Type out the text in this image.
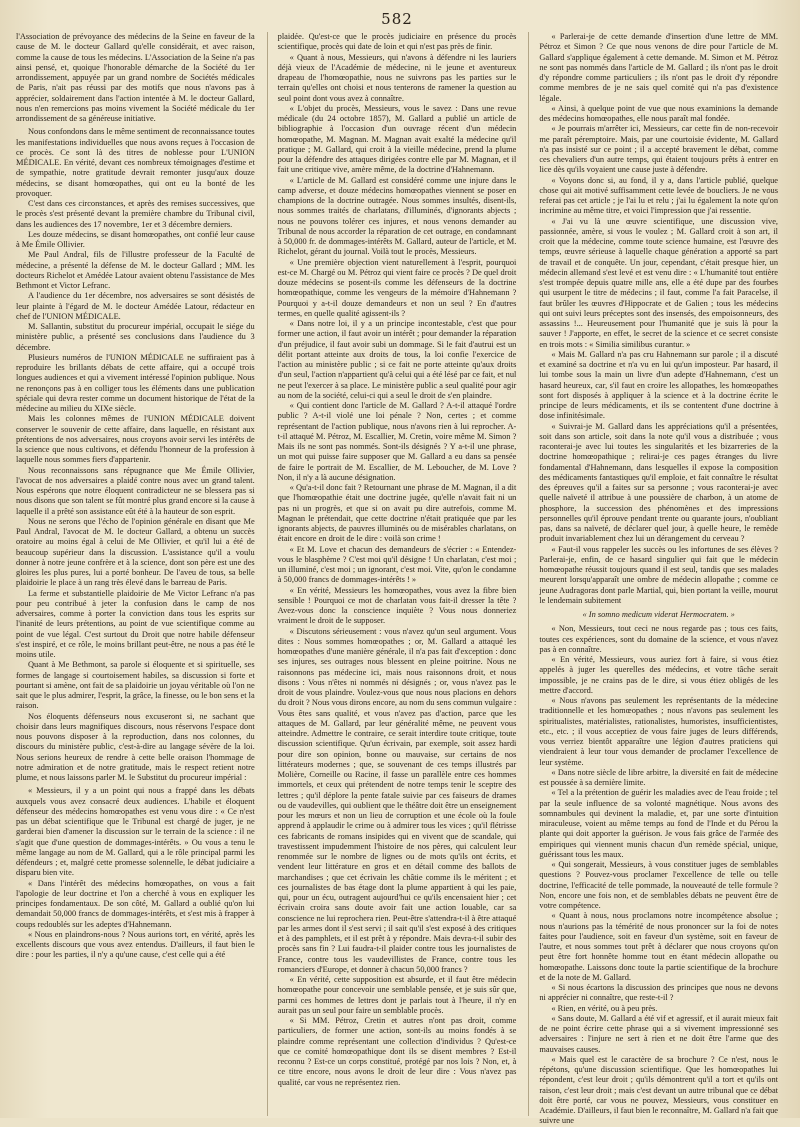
582

l'Association de prévoyance des médecins de la Seine en faveur de la cause de M. le docteur Gallard qu'elle considérait, et avec raison, comme la cause de tous les médecins. L'Association de la Seine n'a pas ainsi pensé, et, quoique l'honorable démarche de la Société du 1er arrondissement, appuyée par un grand nombre de Sociétés médicales de Paris, n'ait pas réussi par des motifs que nous n'avons pas à apprécier, soldairement dans l'action intentée à M. le docteur Gallard, nous n'en remercions pas moins vivement la Société médicale du 1er arrondissement de sa généreuse initiative.

Nous confondons dans le même sentiment de reconnaissance toutes les manifestations individuelles que nous avons reçues à l'occasion de ce procès. Ce sont là des titres de noblesse pour L'UNION MÉDICALE. En vérité, devant ces nombreux témoignages d'estime et de sympathie, notre gratitude devrait remonter jusqu'aux douze médecins, se disant homœopathes, qui ont eu la bonté de les provoquer.

C'est dans ces circonstances, et après des remises successives, que le procès s'est présenté devant la première chambre du Tribunal civil, dans les audiences des 17 novembre, 1er et 3 décembre derniers.

Les douze médecins, se disant homœopathes, ont confié leur cause à Me Émile Ollivier.

Me Paul Andral, fils de l'illustre professeur de la Faculté de médecine, a présenté la défense de M. le docteur Gallard ; MM. les docteurs Richelot et Amédée Latour avaient obtenu l'assistance de Mes Bethmont et Victor Lefranc.

A l'audience du 1er décembre, nos adversaires se sont désistés de leur plainte à l'égard de M. le docteur Amédée Latour, rédacteur en chef de l'UNION MÉDICALE.

M. Sallantin, substitut du procureur impérial, occupait le siége du ministère public, a présenté ses conclusions dans l'audience du 3 décembre.

Plusieurs numéros de l'UNION MÉDICALE ne suffiraient pas à reproduire les brillants débats de cette affaire, qui a occupé trois longues audiences et qui a vivement intéressé l'opinion publique. Nous ne renonçons pas à en colliger tous les éléments dans une publication spéciale qui devra rester comme un document historique de l'état de la médecine au milieu du XIXe siècle.

Mais les colonnes mêmes de l'UNION MÉDICALE doivent conserver le souvenir de cette affaire, dans laquelle, en résistant aux prétentions de nos adversaires, nous croyons avoir servi les intérêts de la science que nous cultivons, et défendu l'honneur de la profession à laquelle nous sommes fiers d'appartenir.

Nous reconnaissons sans répugnance que Me Émile Ollivier, l'avocat de nos adversaires a plaidé contre nous avec un grand talent. Nous espérons que notre éloquent contradicteur ne se blessera pas si nous disons que son talent se fût montré plus grand encore si la cause à laquelle il a prêté son assistance eût été à la hauteur de son esprit.

Nous ne serons que l'écho de l'opinion générale en disant que Me Paul Andral, l'avocat de M. le docteur Gallard, a obtenu un succès oratoire au moins égal à celui de Me Ollivier, et qu'il lui a été de beaucoup supérieur dans la discussion. L'assistance qu'il a voulu donner à notre jeune confrère et à la science, dont son père est une des gloires les plus pures, lui a porté bonheur. De l'aveu de tous, sa belle plaidoirie le place à un rang très élevé dans le barreau de Paris.

La ferme et substantielle plaidoirie de Me Victor Lefranc n'a pas pour peu contribué à jeter la confusion dans le camp de nos adversaires, comme à porter la conviction dans tous les esprits sur l'inanité de leurs prétentions, au point de vue scientifique comme au point de vue légal. C'est surtout du Droit que notre habile défenseur s'est inspiré, et ce rôle, le moins brillant peut-être, ne nous a pas été le moins utile.

Quant à Me Bethmont, sa parole si éloquente et si spirituelle, ses formes de langage si courtoisement habiles, sa discussion si forte et pourtant si amène, ont fait de sa plaidoirie un joyau véritable où l'on ne sait que le plus admirer, l'esprit, la grâce, la finesse, ou le bon sens et la raison.

Nos éloquents défenseurs nous excuseront si, ne sachant que choisir dans leurs magnifiques discours, nous réservons l'espace dont nous pouvons disposer à la reproduction, dans nos colonnes, du discours du ministère public, c'est-à-dire au langage sévère de la loi. Nous serions heureux de rendre à cette belle oraison l'hommage de notre admiration et de notre gratitude, mais le respect retient notre plume, et nous laissons parler M. le Substitut du procureur impérial :

« Messieurs, il y a un point qui nous a frappé dans les débats auxquels vous avez consacré deux audiences. L'habile et éloquent défenseur des médecins homœopathes est venu vous dire : « Ce n'est pas un débat scientifique que le Tribunal est chargé de juger, je ne garderai bien d'amener la discussion sur le terrain de la science : il ne s'agit que d'une question de dommages-intérêts. » Ou vous a tenu le même langage au nom de M. Gallard, qui a le rôle principal parmi les défendeurs ; et, malgré cette promesse solennelle, le débat judiciaire a disparu bien vite.

« Dans l'intérêt des médecins homœopathes, on vous a fait l'apologie de leur doctrine et l'on a cherché à vous en expliquer les principes fondamentaux. De son côté, M. Gallard a oublié qu'on lui demandait 50,000 francs de dommages-intérêts, et s'est mis à frapper à coups redoublés sur les adeptes d'Hahnemann.

« Nous en plaindrons-nous ? Nous aurions tort, en vérité, après les excellents discours que vous avez entendus. D'ailleurs, il faut bien le dire : pour les parties, il n'y a qu'une cause, c'est celle qui a été

plaidée. Qu'est-ce que le procès judiciaire en présence du procès scientifique, procès qui date de loin et qui n'est pas près de finir.

« Quant à nous, Messieurs, qui n'avons à défendre ni les lauriers déjà vieux de l'Académie de médecine, ni le jeune et aventureux drapeau de l'homœopathie, nous ne suivrons pas les parties sur le terrain qu'elles ont choisi et nous tenterons de ramener la question au seul point dont vous avez à connaître.

« L'objet du procès, Messieurs, vous le savez : Dans une revue médicale (du 24 octobre 1857), M. Gallard a publié un article de bibliographie à l'occasion d'un ouvrage récent d'un médecin homœopathe, M. Magnan. M. Magnan avait exalté la médecine qu'il pratique ; M. Gallard, qui croit à la vieille médecine, prend la plume pour la défendre des attaques dirigées contre elle par M. Magnan, et il fait une critique vive, amère même, de la doctrine d'Hahnemann.

« L'article de M. Gallard est considéré comme une injure dans le camp adverse, et douze médecins homœopathes viennent se poser en champions de la doctrine outragée. Nous sommes insultés, disent-ils, nous sommes traités de charlatans, d'illuminés, d'ignorants abjects ; nous ne pouvons tolérer ces injures, et nous venons demander au Tribunal de nous accorder la réparation de cet outrage, en condamnant à 50,000 fr. de dommages-intérêts M. Gallard, auteur de l'article, et M. Richelot, gérant du journal. Voilà tout le procès, Messieurs.

« Une première objection vient naturellement à l'esprit, pourquoi est-ce M. Chargé ou M. Pétroz qui vient faire ce procès ? De quel droit douze médecins se posent-ils comme les défenseurs de la doctrine homœopathique, comme les vengeurs de la mémoire d'Hahnemann ? Pourquoi y a-t-il douze demandeurs et non un seul ? En d'autres termes, en quelle qualité agissent-ils ?

« Dans notre loi, il y a un principe incontestable, c'est que pour former une action, il faut avoir un intérêt ; pour demander la réparation d'un préjudice, il faut avoir subi un dommage. Si le fait d'autrui est un délit portant atteinte aux droits de tous, la loi confie l'exercice de l'action au ministère public ; si ce fait ne porte atteinte qu'aux droits d'un seul, l'action n'appartient qu'à celui qui a été lésé par ce fait, et nul ne peut l'exercer à sa place. Le ministère public a seul qualité pour agir au nom de la société, celui-ci qui a seul le droit de s'en plaindre.

« Qui contient donc l'article de M. Gallard ? A-t-il attaqué l'ordre public ? A-t-il violé une loi pénale ? Non, certes ; et comme représentant de l'action publique, nous n'avons rien à lui reprocher. A-t-il attaqué M. Pétroz, M. Escallier, M. Cretin, voire même M. Simon ? Mais ils ne sont pas nommés. Sont-ils désignés ? Y a-t-il une phrase, un mot qui puisse faire supposer que M. Gallard a eu dans sa pensée de faire le portrait de M. Escallier, de M. Leboucher, de M. Love ? Non, il n'y a là aucune désignation.

« Qu'a-t-il donc fait ? Retournant une phrase de M. Magnan, il a dit que l'homœopathie était une doctrine jugée, qu'elle n'avait fait ni un pas ni un progrès, et que si on avait pu dire autrefois, comme M. Magnan le prétendait, que cette doctrine n'était pratiquée que par les ignorants abjects, de pauvres illuminés ou de misérables charlatans, on était encore en droit de le dire : voilà son crime !

« Et M. Love et chacun des demandeurs de s'écrier : « Entendez-vous le blasphème ? C'est moi qu'il désigne ! Un charlatan, c'est moi ; un illuminé, c'est moi ; un ignorant, c'est moi. Vite, qu'on le condamne à 50,000 francs de dommages-intérêts ! »

« En vérité, Messieurs les homœopathes, vous avez la fibre bien sensible ! Pourquoi ce mot de charlatan vous fait-il dresser la tête ? Avez-vous donc la conscience inquiète ? Vous nous donneriez vraiment le droit de le supposer.

« Discutons sérieusement : vous n'avez qu'un seul argument. Vous dites : Nous sommes homœopathes ; or, M. Gallard a attaqué les homœopathes d'une manière générale, il n'a pas fait d'exception : donc ses injures, ses outrages nous blessent en pleine poitrine. Nous ne raisonnons pas médecine ici, mais nous raisonnons droit, et nous disons : Vous n'êtes ni nommés ni désignés ; or, vous n'avez pas le droit de vous plaindre. Voulez-vous que nous nous placions en dehors du droit ? Nous vous dirons encore, au nom du sens commun vulgaire : Vous êtes sans qualité, et vous n'avez pas d'action, parce que les attaques de M. Gallard, par leur généralité même, ne peuvent vous atteindre. Admettre le contraire, ce serait interdire toute critique, toute discussion scientifique. Qu'un écrivain, par exemple, soit assez hardi pour dire son opinion, bonne ou mauvaise, sur certains de nos littérateurs modernes ; que, se souvenant de ces temps illustrés par Molière, Corneille ou Racine, il fasse un parallèle entre ces hommes immortels, et ceux qui prétendent de notre temps tenir le sceptre des lettres ; qu'il déplore la pente fatale suivie par ces faiseurs de drames ou de vaudevilles, qui oublient que le théâtre doit être un enseignement pour les mœurs et non un lieu de corruption et une école où la foule apprend à applaudir le crime ou à admirer tous les vices ; qu'il flétrisse ces fabricants de romans insipides qui en vivent que de scandale, qui travestissent impudemment l'histoire de nos pères, qui calculent leur renommée sur le nombre de lignes ou de mots qu'ils ont écrits, et vendent leur littérature en gros et en détail comme des ballots de marchandises ; que cet écrivain les châtie comme ils le méritent ; et ces journalistes de bas étage dont la plume appartient à qui les paie, qui, pour un écu, outragent aujourd'hui ce qu'ils encensaient hier ; cet écrivain croira sans doute avoir fait une action louable, car sa conscience ne lui reprochera rien. Peut-être s'attendra-t-il à être attaqué par les armes dont il s'est servi ; il sait qu'il s'est exposé à des critiques et à des pamphlets, et il est prêt à y répondre. Mais devra-t-il subir des procès sans fin ? Lui faudra-t-il plaider contre tous les journalistes de France, contre tous les vaudevillistes de France, contre tous les romanciers d'Europe, et donner à chacun 50,000 francs ?

« En vérité, cette supposition est absurde, et il faut être médecin homœopathe pour concevoir une semblable pensée, et je suis sûr que, parmi ces hommes de lettres dont je parlais tout à l'heure, il n'y en aurait pas un seul pour faire un semblable procès.

« Si MM. Pétroz, Cretin et autres n'ont pas droit, comme particuliers, de former une action, sont-ils au moins fondés à se plaindre comme représentant une collection d'individus ? Qu'est-ce que ce comité homœopathique dont ils se disent membres ? Est-il reconnu ? Est-ce un corps constitué, protégé par nos lois ? Non, et, à ce titre encore, nous avons le droit de leur dire : Vous n'avez pas qualité, car vous ne représentez rien.

« Parlerai-je de cette demande d'insertion d'une lettre de MM. Pétroz et Simon ? Ce que nous venons de dire pour l'article de M. Gallard s'applique également à cette demande. M. Simon et M. Pétroz ne sont pas nommés dans l'article de M. Gallard ; ils n'ont pas le droit d'y répondre comme particuliers ; ils n'ont pas le droit d'y répondre comme membres de je ne sais quel comité qui n'a pas d'existence légale.

« Ainsi, à quelque point de vue que nous examinions la demande des médecins homœopathes, elle nous paraît mal fondée.

« Je pourrais m'arrêter ici, Messieurs, car cette fin de non-recevoir me paraît péremptoire. Mais, par une courtoisie évidente, M. Gallard n'a pas insisté sur ce point ; il a accepté bravement le débat, comme ces chevaliers d'un autre temps, qui étaient toujours prêts à entrer en lice dès qu'ils voyaient une cause juste à défendre.

« Voyons donc si, au fond, il y a, dans l'article publié, quelque chose qui ait motivé suffisamment cette levée de boucliers. Je ne vous referai pas cet article ; je l'ai lu et relu ; j'ai lu également la note qu'on incrimine au même titre, et voici l'impression que j'ai ressentie.

« J'ai vu là une œuvre scientifique, une discussion vive, passionnée, amère, si vous le voulez ; M. Gallard croit à son art, il croit que la médecine, comme toute science humaine, est l'œuvre des temps, œuvre sérieuse à laquelle chaque génération a apporté sa part de travail et de conquête. Un jour, cependant, c'était presque hier, un médecin allemand s'est levé et est venu dire : « L'humanité tout entière s'est trompée depuis quatre mille ans, elle a été dupe par des fourbes qui usurpent le titre de médecins ; il faut, comme l'a fait Paracelse, il faut brûler les œuvres d'Hippocrate et de Galien ; tous les médecins qui ont suivi leurs préceptes sont des insensés, des empoisonneurs, des assassins !... Heureusement pour l'humanité que je suis là pour la sauver ! J'apporte, en effet, le secret de la science et ce secret consiste en trois mots : « Similia similibus curantur. »

« Mais M. Gallard n'a pas cru Hahnemann sur parole ; il a discuté et examiné sa doctrine et n'a vu en lui qu'un imposteur. Par hasard, il lui tombe sous la main un livre d'un adepte d'Hahnemann, c'est un hasard heureux, car, s'il faut en croire les allopathes, les homœopathes sont fort disposés à appliquer à la science et à la doctrine écrite le principe de leurs médicaments, et ils se contentent d'une doctrine à dose infinitésimale.

« Suivrai-je M. Gallard dans les appréciations qu'il a présentées, soit dans son article, soit dans la note qu'il vous a distribuée ; vous raconterai-je avec lui toutes les singularités et les bizarreries de la doctrine homœopathique ; relirai-je ces pages étranges du livre fondamental d'Hahnemann, dans lesquelles il expose la composition des médicaments fantastiques qu'il emploie, et fait connaître le résultat des épreuves qu'il a faites sur sa personne ; vous raconterai-je avec quelle naïveté il attribue à une poussière de charbon, à un atome de phosphore, la succession des phénomènes et des impressions personnelles qu'il éprouve pendant trente ou quarante jours, n'oubliant pas, dans sa naïveté, de déclarer quel jour, à quelle heure, le remède produit invariablement chez lui un dérangement du cerveau ?

« Faut-il vous rappeler les succès ou les infortunes de ses élèves ? Parlerai-je, enfin, de ce hasard singulier qui fait que le médecin homœopathe réussit toujours quand il est seul, tandis que ses malades meurent lorsqu'apparaît une ombre de médecin allopathe ; comme ce jeune Audragoras dont parle Martial, qui, bien portant la veille, mourut le lendemain subitement

« In somno medicum viderat Hermocratem. »

« Non, Messieurs, tout ceci ne nous regarde pas ; tous ces faits, toutes ces expériences, sont du domaine de la science, et vous n'avez pas à en connaître.

« En vérité, Messieurs, vous auriez fort à faire, si vous étiez appelés à juger les querelles des médecins, et votre tâche serait impossible, je ne crains pas de le dire, si vous étiez obligés de les mettre d'accord.

« Nous n'avons pas seulement les représentants de la médecine traditionnelle et les homœopathes ; nous n'avons pas seulement les spiritualistes, matérialistes, rationalistes, humoristes, insufficientistes, etc., etc. ; il vous acceptiez de vous faire juges de leurs différends, vous verriez bientôt apparaître une légion d'autres praticiens qui viendraient à leur tour vous demander de proclamer l'excellence de leur système.

« Dans notre siècle de libre arbitre, la diversité en fait de médecine est poussée à sa dernière limite.

« Tel a la prétention de guérir les maladies avec de l'eau froide ; tel par la seule influence de sa volonté magnétique. Nous avons des somnambules qui devinent la maladie, et, par une sorte d'intuition miraculeuse, voient au même temps au fond de l'Inde et du Pérou la plante qui doit apporter la guérison. Je vous fais grâce de l'armée des empiriques qui viennent munis chacun d'un remède spécial, unique, guérissant tous les maux.

« Qui songerait, Messieurs, à vous constituer juges de semblables questions ? Pouvez-vous proclamer l'excellence de telle ou telle doctrine, l'efficacité de telle pommade, la nouveauté de telle formule ? Non, encore une fois non, et de semblables débats ne peuvent être de votre compétence.

« Quant à nous, nous proclamons notre incompétence absolue ; nous n'aurions pas la témérité de nous prononcer sur la foi de notes faites pour l'audience, soit en faveur d'un système, soit en faveur de l'autre, et nous sommes tout prêt à déclarer que nous croyons qu'on peut être fort honnête homme tout en étant médecin allopathe ou homœopathe. Laissons donc toute la partie scientifique de la brochure et de la note de M. Gallard.

« Si nous écartons la discussion des principes que nous ne devons ni apprécier ni connaître, que reste-t-il ?

« Rien, en vérité, ou à peu près.

« Sans doute, M. Gallard a été vif et agressif, et il aurait mieux fait de ne point écrire cette phrase qui a si vivement impressionné ses adversaires : l'injure ne sert à rien et ne doit être l'arme que des mauvaises causes.

« Mais quel est le caractère de sa brochure ? Ce n'est, nous le répétons, qu'une discussion scientifique. Que les homœopathes lui répondent, c'est leur droit ; qu'ils démontrent qu'il a tort et qu'ils ont raison, c'est leur droit ; mais c'est devant un autre tribunal que ce débat doit être porté, car vous ne pouvez, Messieurs, vous constituer en Académie. D'ailleurs, il faut bien le reconnaître, M. Gallard n'a fait que suivre une
